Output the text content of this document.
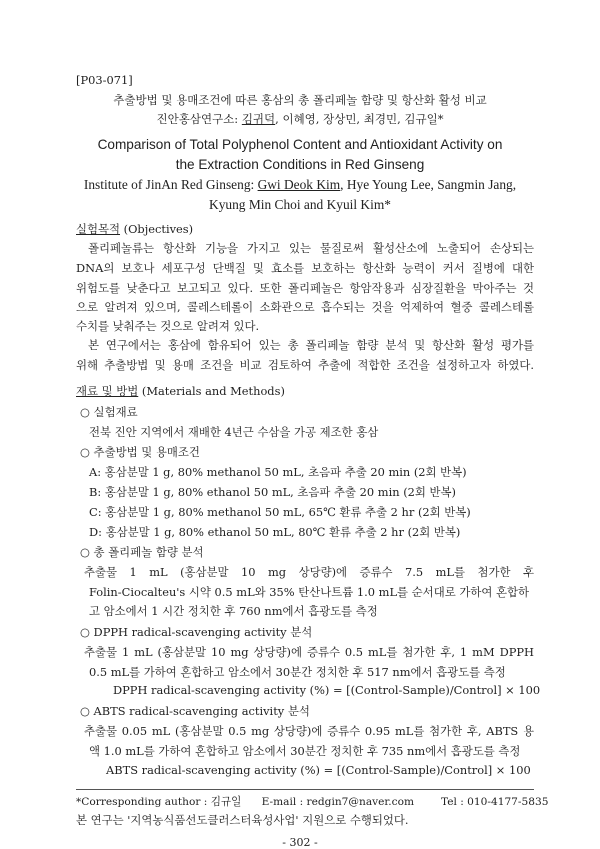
[P03-071]
추출방법 및 용매조건에 따른 홍삼의 총 폴리페놀 함량 및 항산화 활성 비교
진안홍삼연구소: 김귀덕, 이혜영, 장상민, 최경민, 김규일*
Comparison of Total Polyphenol Content and Antioxidant Activity on
the Extraction Conditions in Red Ginseng
Institute of JinAn Red Ginseng: Gwi Deok Kim, Hye Young Lee, Sangmin Jang,
Kyung Min Choi and Kyuil Kim*
실험목적 (Objectives)
폴리페놀류는 항산화 기능을 가지고 있는 물질로써 활성산소에 노출되어 손상되는
DNA의 보호나 세포구성 단백질 및 효소를 보호하는 항산화 능력이 커서 질병에 대한
위험도를 낮춘다고 보고되고 있다. 또한 폴리페놀은 항암작용과 심장질환을 막아주는 것
으로 알려져 있으며, 콜레스테롤이 소화관으로 흡수되는 것을 억제하여 혈중 콜레스테롤
수치를 낮춰주는 것으로 알려져 있다.
본 연구에서는 홍삼에 함유되어 있는 총 폴리페놀 함량 분석 및 항산화 활성 평가를
위해 추출방법 및 용매 조건을 비교 검토하여 추출에 적합한 조건을 설정하고자 하였다.
재료 및 방법 (Materials and Methods)
○ 실험재료
전북 진안 지역에서 재배한 4년근 수삼을 가공 제조한 홍삼
○ 추출방법 및 용매조건
A: 홍삼분말 1 g, 80% methanol 50 mL, 초음파 추출 20 min (2회 반복)
B: 홍삼분말 1 g, 80% ethanol 50 mL, 초음파 추출 20 min (2회 반복)
C: 홍삼분말 1 g, 80% methanol 50 mL, 65℃ 환류 추출 2 hr (2회 반복)
D: 홍삼분말 1 g, 80% ethanol 50 mL, 80℃ 환류 추출 2 hr (2회 반복)
○ 총 폴리페놀 함량 분석
추출물 1 mL (홍삼분말 10 mg 상당량)에 증류수 7.5 mL를 첨가한 후
Folin-Ciocalteu's 시약 0.5 mL와 35% 탄산나트륨 1.0 mL를 순서대로 가하여 혼합하
고 암소에서 1 시간 정치한 후 760 nm에서 흡광도를 측정
○ DPPH radical-scavenging activity 분석
추출물 1 mL (홍삼분말 10 mg 상당량)에 증류수 0.5 mL를 첨가한 후, 1 mM DPPH
0.5 mL를 가하여 혼합하고 암소에서 30분간 정치한 후 517 nm에서 흡광도를 측정
DPPH radical-scavenging activity (%) = [(Control-Sample)/Control] × 100
○ ABTS radical-scavenging activity 분석
추출물 0.05 mL (홍삼분말 0.5 mg 상당량)에 증류수 0.95 mL를 첨가한 후, ABTS 용
액 1.0 mL를 가하여 혼합하고 암소에서 30분간 정치한 후 735 nm에서 흡광도를 측정
ABTS radical-scavenging activity (%) = [(Control-Sample)/Control] × 100
*Corresponding author : 김규일      E-mail : redgin7@naver.com        Tel : 010-4177-5835
본 연구는 '지역농식품선도클러스터육성사업' 지원으로 수행되었다.
- 302 -
